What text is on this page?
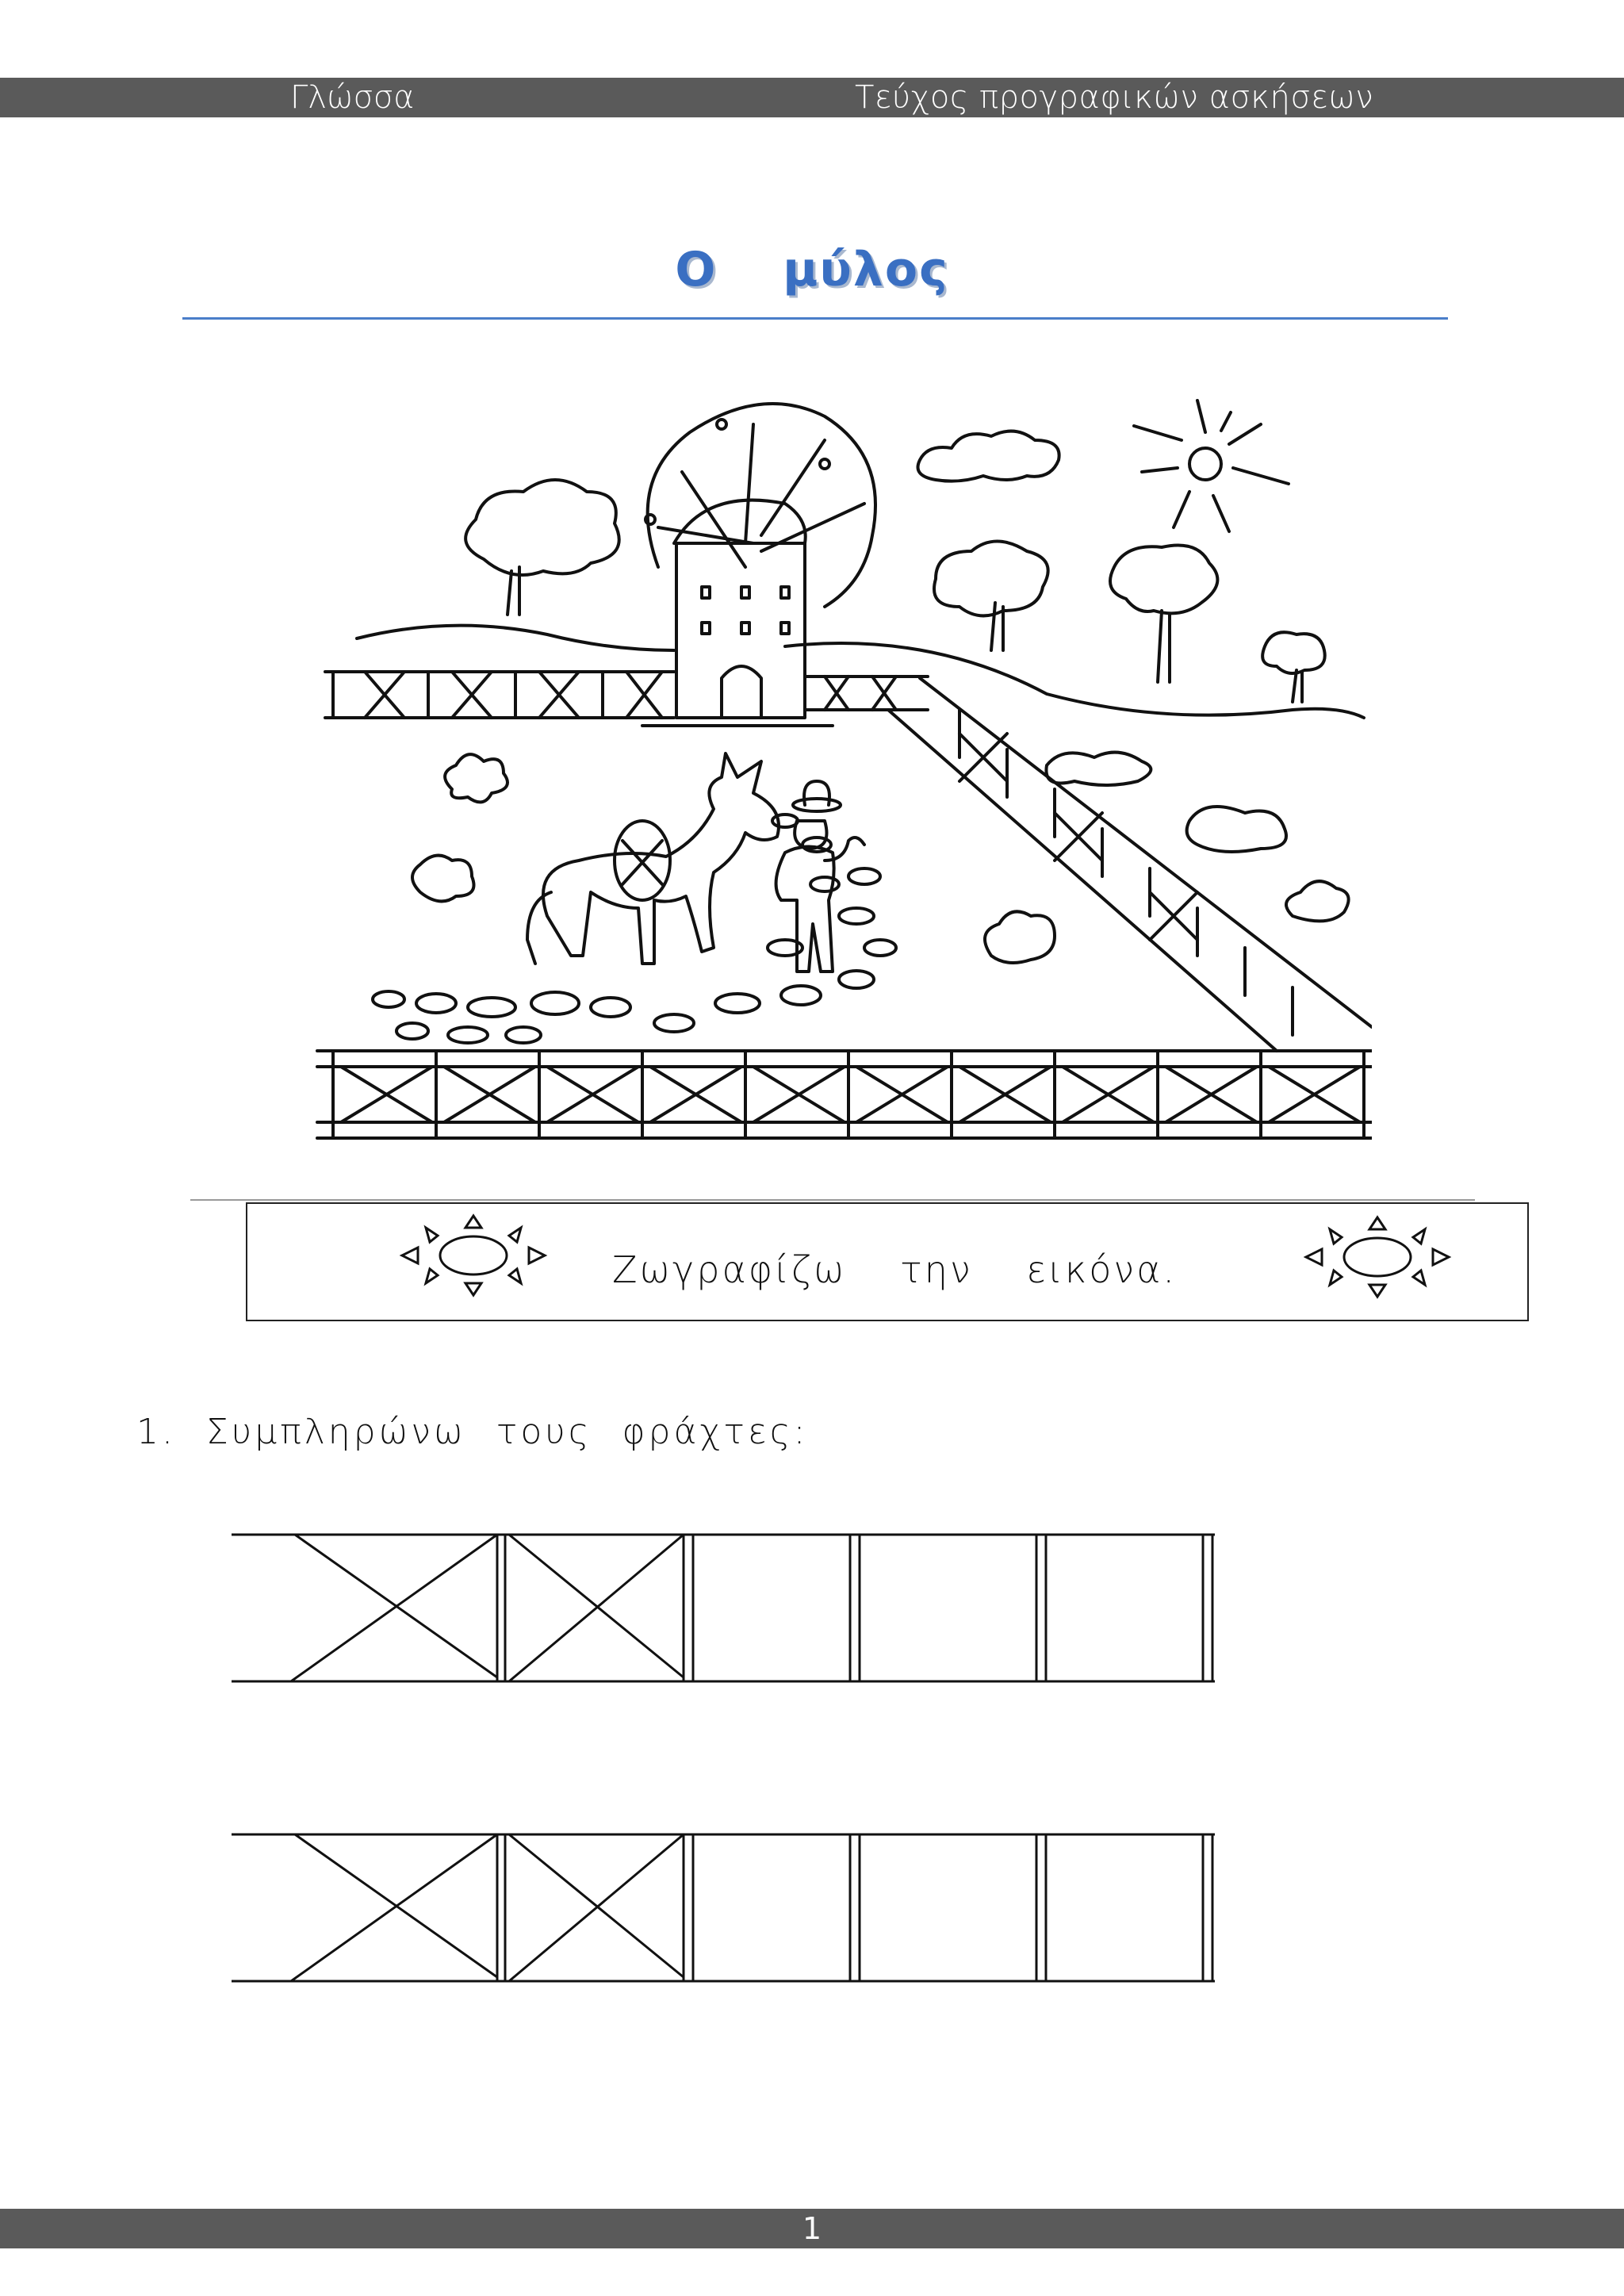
Γλώσσα	Τεύχος προγραφικών ασκήσεων
Ο μύλος
Ζωγραφίζω την εικόνα.
1. Συμπληρώνω τους φράχτες:
1
